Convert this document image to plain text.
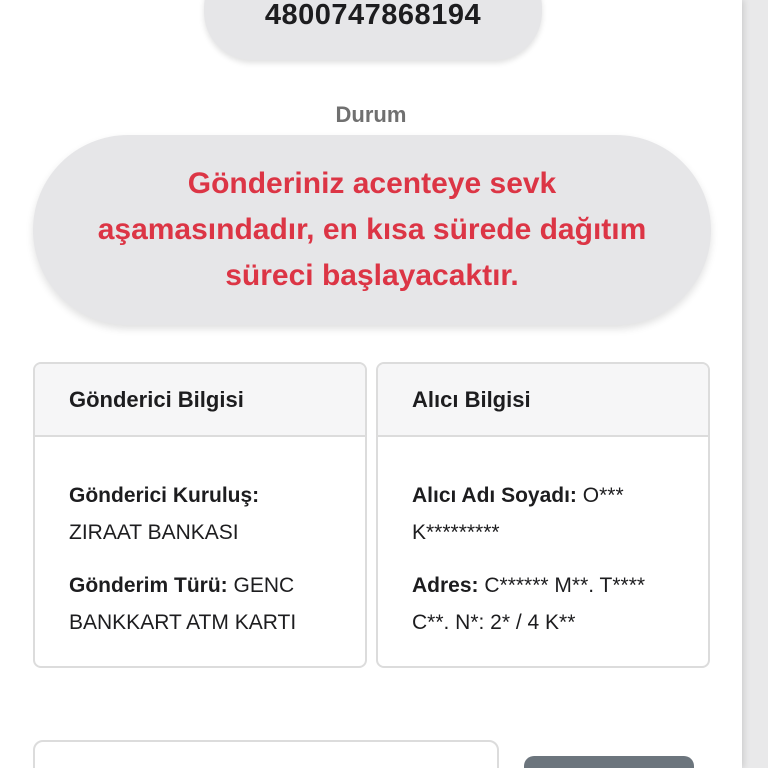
4800747868194
Durum
Gönderiniz acenteye sevk aşamasındadır, en kısa sürede dağıtım süreci başlayacaktır.
Gönderici Bilgisi
Gönderici Kuruluş:
ZIRAAT BANKASI
Gönderim Türü: GENC BANKKART ATM KARTI
Alıcı Bilgisi
Alıcı Adı Soyadı: O*** K*********
Adres: C****** M**. T**** C**. N*: 2* / 4 K**
